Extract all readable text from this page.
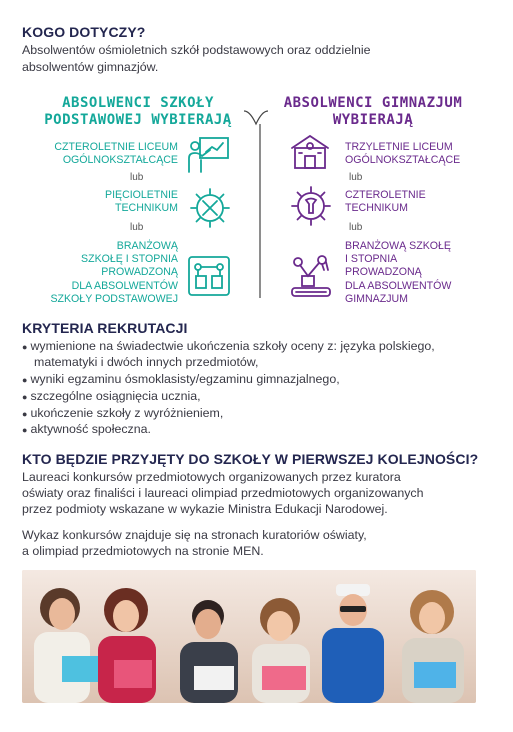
KOGO DOTYCZY?
Absolwentów ośmioletnich szkół podstawowych oraz oddzielnie
absolwentów gimnazjów.
ABSOLWENCI SZKOŁY
PODSTAWOWEJ WYBIERAJĄ
ABSOLWENCI GIMNAZJUM
WYBIERAJĄ
CZTEROLETNIE LICEUM
OGÓLNOKSZTAŁCĄCE
lub
PIĘCIOLETNIE
TECHNIKUM
lub
BRANŻOWĄ
SZKOŁĘ I STOPNIA
PROWADZONĄ
DLA ABSOLWENTÓW
SZKOŁY PODSTAWOWEJ
TRZYLETNIE LICEUM
OGÓLNOKSZTAŁCĄCE
lub
CZTEROLETNIE
TECHNIKUM
lub
BRANŻOWĄ SZKOŁĘ
I STOPNIA
PROWADZONĄ
DLA ABSOLWENTÓW
GIMNAZJUM
KRYTERIA REKRUTACJI
● wymienione na świadectwie ukończenia szkoły oceny z: języka polskiego,
matematyki i dwóch innych przedmiotów,
● wyniki egzaminu ósmoklasisty/egzaminu gimnazjalnego,
● szczególne osiągnięcia ucznia,
● ukończenie szkoły z wyróżnieniem,
● aktywność społeczna.
KTO BĘDZIE PRZYJĘTY DO SZKOŁY W PIERWSZEJ KOLEJNOŚCI?
Laureaci konkursów przedmiotowych organizowanych przez kuratora
oświaty oraz finaliści i laureaci olimpiad przedmiotowych organizowanych
przez podmioty wskazane w wykazie Ministra Edukacji Narodowej.
Wykaz konkursów znajduje się na stronach kuratoriów oświaty,
a olimpiad przedmiotowych na stronie MEN.
